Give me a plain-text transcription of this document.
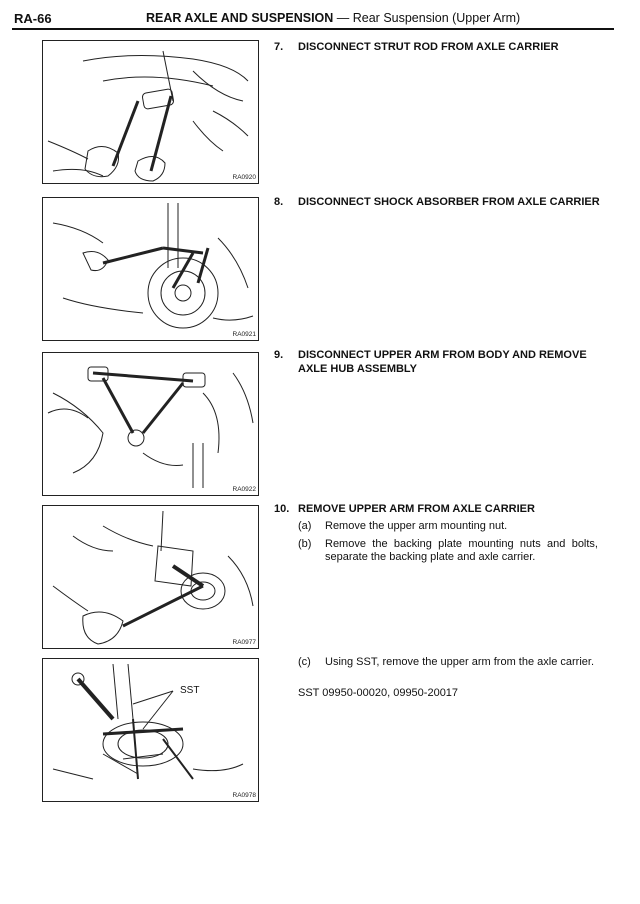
RA-66	REAR AXLE AND SUSPENSION — Rear Suspension (Upper Arm)
RA0920
RA0921
RA0922
RA0977
SST
RA0978
7. DISCONNECT STRUT ROD FROM AXLE CARRIER
8. DISCONNECT SHOCK ABSORBER FROM AXLE CARRIER
9. DISCONNECT UPPER ARM FROM BODY AND REMOVE AXLE HUB ASSEMBLY
10. REMOVE UPPER ARM FROM AXLE CARRIER
(a) Remove the upper arm mounting nut.
(b) Remove the backing plate mounting nuts and bolts, separate the backing plate and axle carrier.
(c) Using SST, remove the upper arm from the axle carrier.
SST 09950-00020, 09950-20017
